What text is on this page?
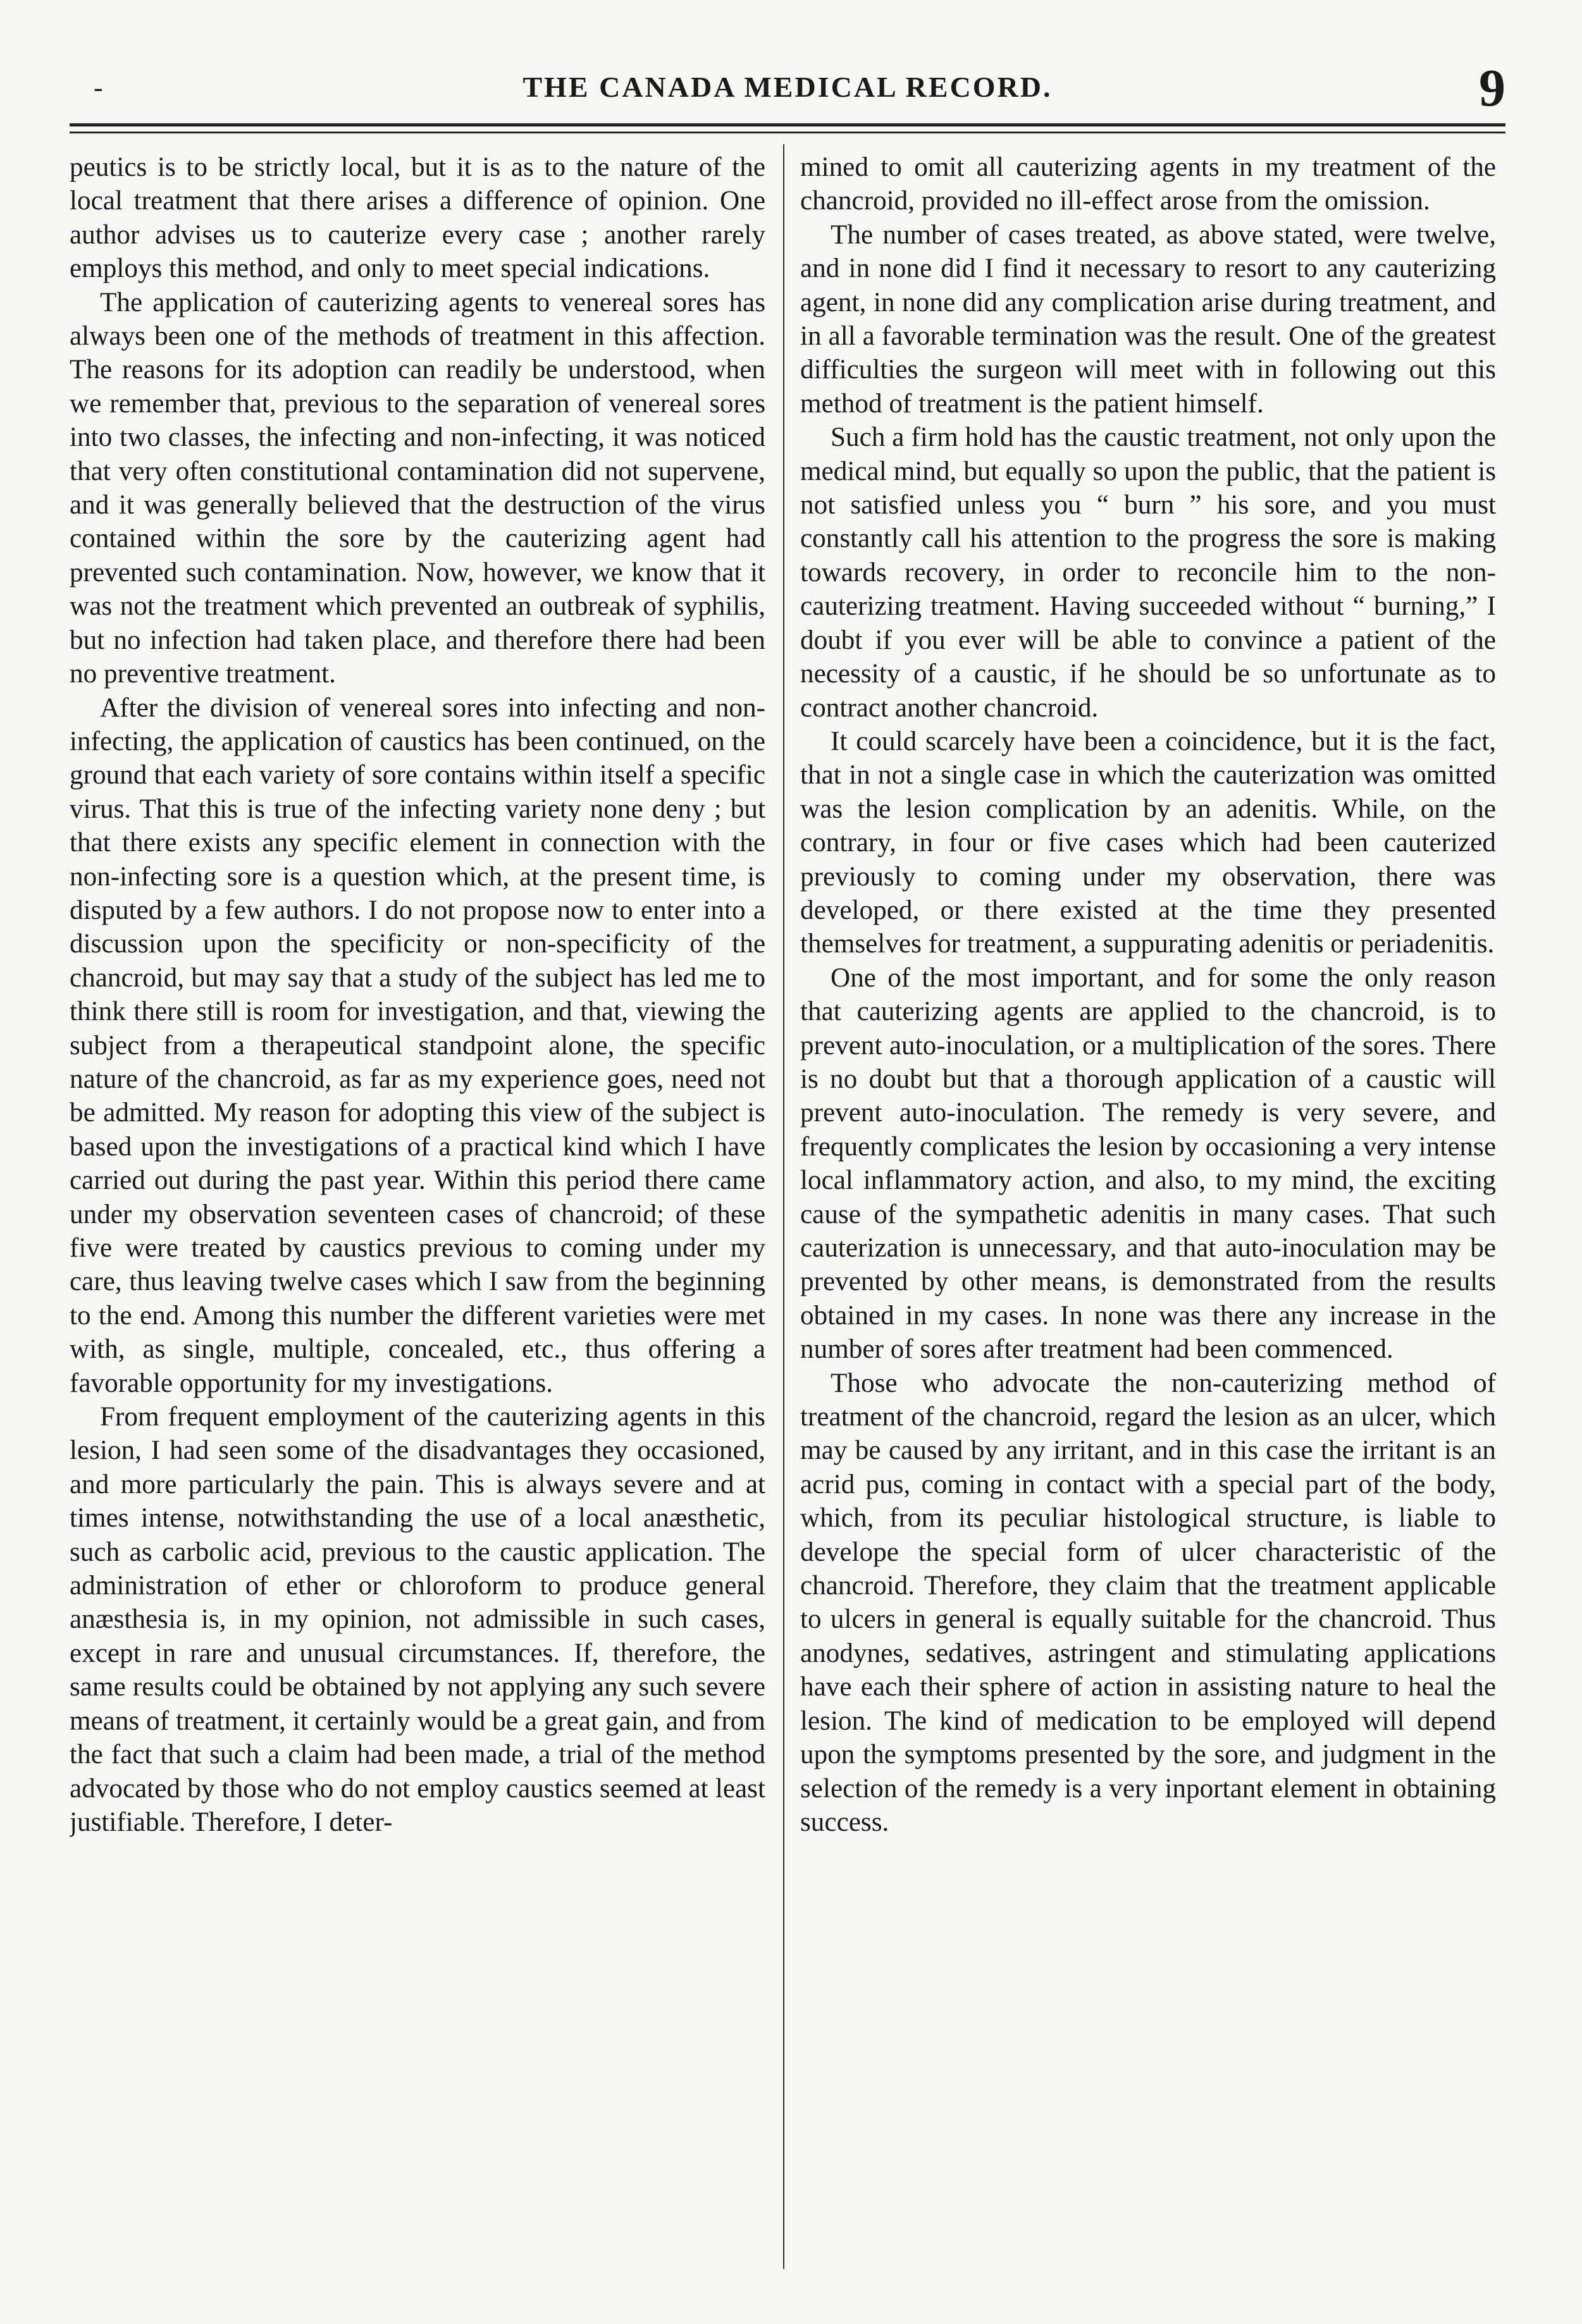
-	THE CANADA MEDICAL RECORD.	9

peutics is to be strictly local, but it is as to the nature of the local treatment that there arises a difference of opinion. One author advises us to cauterize every case ; another rarely employs this method, and only to meet special indications.

The application of cauterizing agents to venereal sores has always been one of the methods of treatment in this affection. The reasons for its adoption can readily be understood, when we remember that, previous to the separation of venereal sores into two classes, the infecting and non-infecting, it was noticed that very often constitutional contamination did not supervene, and it was generally believed that the destruction of the virus contained within the sore by the cauterizing agent had prevented such contamination. Now, however, we know that it was not the treatment which prevented an outbreak of syphilis, but no infection had taken place, and therefore there had been no preventive treatment.

After the division of venereal sores into infecting and non-infecting, the application of caustics has been continued, on the ground that each variety of sore contains within itself a specific virus. That this is true of the infecting variety none deny ; but that there exists any specific element in connection with the non-infecting sore is a question which, at the present time, is disputed by a few authors. I do not propose now to enter into a discussion upon the specificity or non-specificity of the chancroid, but may say that a study of the subject has led me to think there still is room for investigation, and that, viewing the subject from a therapeutical standpoint alone, the specific nature of the chancroid, as far as my experience goes, need not be admitted. My reason for adopting this view of the subject is based upon the investigations of a practical kind which I have carried out during the past year. Within this period there came under my observation seventeen cases of chancroid; of these five were treated by caustics previous to coming under my care, thus leaving twelve cases which I saw from the beginning to the end. Among this number the different varieties were met with, as single, multiple, concealed, etc., thus offering a favorable opportunity for my investigations.

From frequent employment of the cauterizing agents in this lesion, I had seen some of the disadvantages they occasioned, and more particularly the pain. This is always severe and at times intense, notwithstanding the use of a local anæsthetic, such as carbolic acid, previous to the caustic application. The administration of ether or chloroform to produce general anæsthesia is, in my opinion, not admissible in such cases, except in rare and unusual circumstances. If, therefore, the same results could be obtained by not applying any such severe means of treatment, it certainly would be a great gain, and from the fact that such a claim had been made, a trial of the method advocated by those who do not employ caustics seemed at least justifiable. Therefore, I deter-

mined to omit all cauterizing agents in my treatment of the chancroid, provided no ill-effect arose from the omission.

The number of cases treated, as above stated, were twelve, and in none did I find it necessary to resort to any cauterizing agent, in none did any complication arise during treatment, and in all a favorable termination was the result. One of the greatest difficulties the surgeon will meet with in following out this method of treatment is the patient himself.

Such a firm hold has the caustic treatment, not only upon the medical mind, but equally so upon the public, that the patient is not satisfied unless you “ burn ” his sore, and you must constantly call his attention to the progress the sore is making towards recovery, in order to reconcile him to the non-cauterizing treatment. Having succeeded without “ burning,” I doubt if you ever will be able to convince a patient of the necessity of a caustic, if he should be so unfortunate as to contract another chancroid.

It could scarcely have been a coincidence, but it is the fact, that in not a single case in which the cauterization was omitted was the lesion complication by an adenitis. While, on the contrary, in four or five cases which had been cauterized previously to coming under my observation, there was developed, or there existed at the time they presented themselves for treatment, a suppurating adenitis or periadenitis.

One of the most important, and for some the only reason that cauterizing agents are applied to the chancroid, is to prevent auto-inoculation, or a multiplication of the sores. There is no doubt but that a thorough application of a caustic will prevent auto-inoculation. The remedy is very severe, and frequently complicates the lesion by occasioning a very intense local inflammatory action, and also, to my mind, the exciting cause of the sympathetic adenitis in many cases. That such cauterization is unnecessary, and that auto-inoculation may be prevented by other means, is demonstrated from the results obtained in my cases. In none was there any increase in the number of sores after treatment had been commenced.

Those who advocate the non-cauterizing method of treatment of the chancroid, regard the lesion as an ulcer, which may be caused by any irritant, and in this case the irritant is an acrid pus, coming in contact with a special part of the body, which, from its peculiar histological structure, is liable to develope the special form of ulcer characteristic of the chancroid. Therefore, they claim that the treatment applicable to ulcers in general is equally suitable for the chancroid. Thus anodynes, sedatives, astringent and stimulating applications have each their sphere of action in assisting nature to heal the lesion. The kind of medication to be employed will depend upon the symptoms presented by the sore, and judgment in the selection of the remedy is a very inportant element in obtaining success.
